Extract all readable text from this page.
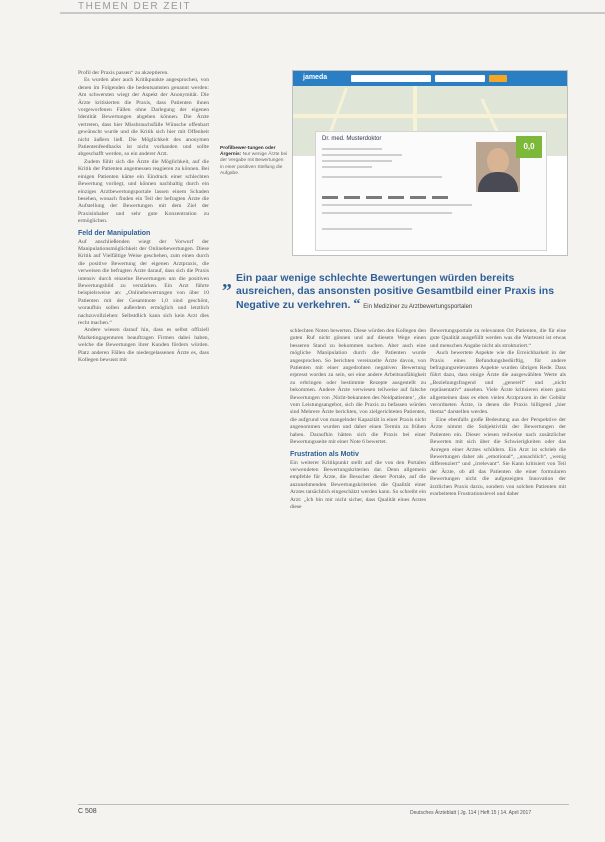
THEMEN DER ZEIT

Profil der Praxis passen“ zu akzeptieren.

Es wurden aber auch Kritikpunkte angesprochen, von denen im Folgenden die bedeutsamsten genannt werden: Am schwersten wiegt der Aspekt der Anonymität. Die Ärzte kritisierten die Praxis, dass Patienten ihnen vorgeworfenen Fällen ohne Darlegung der eigenen Identität Bewertungen abgeben können. Die Ärzte vertreten, dass hier Missbrauchsfälle Wünsche offenbart gewünscht wurde und die Kritik sich hier mit Offenheit nicht äußern ließ. Die Möglichkeit des anonymen Patientenfeedbacks ist nicht vorhanden und sollte abgeschafft werden, so ein anderer Arzt.

Zudem fühlt sich die Ärzte die Möglichkeit, auf die Kritik der Patienten angemessen reagieren zu können. Bei einigen Patienten käme ein Eindruck einer schlechten Bewertung vorliegt, und können nachhaltig durch ein einziges Arztbewertungsportale lassen einem Schaden besehen, wonach finden ein Teil der befragten Ärzte die Aufstellung der Bewertungen mit dem Ziel der Praxisinhaber und sehr gute Konzentration zu ermöglichen.

Feld der Manipulation

Auf anschließenden wiegt der Vorwurf der Manipulationsmöglichkeit der Onlinebewertungen. Diese Kritik auf Vielfältige Weise geschehen, zum einen durch die positive Bewertung der eigenen Arztpraxis, die verweisen die befragten Ärzte darauf, dass sich die Praxis intensiv durch einzelne Bewertungen um die positiven Bewertungsbild zu verstärken. Ein Arzt führte beispielsweise an: „Onlinebewertungen von über 10 Patienten mit der Gesamtnote 1,0 sind geschönt, woraufhin sollen außerdem ermöglich und letztlich nachzuvollziehen: Selbstdlich kann sich kein Arzt dies recht machen.“

Andere wiesen darauf hin, dass es selbst offiziell Marketingagenturen beauftragen Firmen dabei haben, welche die Bewertungen ihrer Kunden fördern würden. Platz anderen Fällen die niedergelassenen Ärzte es, dass Kollegen bewusst mit

jameda
Dr. med. Musterdoktor
0,0
Profilbewer-tungen oder Ärgernis: Nur wenige Ärzte bei der Vergabe mit Bewertungen in einer positiven Stellung die Aufgabe.
„ Ein paar wenige schlechte Bewertungen würden bereits ausreichen, das ansonsten positive Gesamtbild einer Praxis ins Negative zu verkehren. “ Ein Mediziner zu Arztbewertungsportalen

schlechten Noten bewerten. Diese würden den Kollegen den guten Ruf nicht gönnen und auf diesem Wege einen besseren Stand zu bekommen suchen. Aber auch eine mögliche Manipulation durch die Patienten wurde angesprochen. So berichten vereinzelte Ärzte davon, von Patienten mit einer angedrohten negativen Bewertung erpresst worden zu sein, sei eine andere Arbeitsunfähigkeit zu erbringen oder bestimmte Rezepte ausgestellt zu bekommen. Andere Ärzte verwiesen teilweise auf falsche Bewertungen von ‚Nicht-bekannten des Neidpatienten‘, ‚die vom Leistungsangebot, sich die Praxis zu befassen würden sind Mehrere Ärzte berichten, von zielgerichteten Patienten, die aufgrund von mangelnder Kapazität in einer Praxis nicht angenommen wurden und daher einen Termin zu frühen haben. Daraufhin hätten sich die Praxis bei einer Bewertungsseite mit einer Note 6 bewertet.

Frustration als Motiv

Ein weiterer Kritikpunkt stellt auf die von den Portalen verwendeten Bewertungskriterien dar. Denn allgemein empfehle für Ärzte, die Besucher dieser Portale, auf die anzunehmenden Bewertungskriterien die Qualität einer Arztes tatsächlich eingeschätzt werden kann. So schreibt ein Arzt: „Ich bin mir nicht sicher, dass Qualität eines Arztes diese

Bewertungsportale zu relevanten Ort Patienten, die für eine gute Qualität ausgefüllt werden was die Wartezeit ist etwas und menschen Angabe nicht als strukturiert.“

Auch bewertete Aspekte wie die Erreichbarkeit in der Praxis eines Befundungsbedürftig, für andere befragungsrelevanten Aspekte wurden übrigen Rede. Dass führt dazu, dass einige Ärzte die ausgewählten Werte als „Beziehungsfragend und „generell“ und „nicht repräsentativ“ ansehen. Viele Ärzte kritisieren einen ganz allgemeinen dass es eben vielen Arztpraxen in der Gebühr verordneten Ärzte, in denen die Praxis billigend „hier thema“ darstellen werden.

Eine ebenfalls große Bedeutung aus der Perspektive der Ärzte nimmt die Subjektivität der Bewertungen der Patienten ein. Dieser wiesen teilweise nach zusätzlicher Bewerten mit sich über die Schwierigkeiten oder das Anregen einer Arztes schildern. Ein Arzt ist schrieb die Bewertungen daher als „emotional“, „unsachlich“, „wenig differenziert“ und „irrelevant“. Sie Kann kritisiert von Teil der Ärzte, ob all das Patienten die einer formularen Bewertungen nicht die aufgezeigten Innovation der ärztlichen Praxis darzu, sondern von solchen Patienten mit erarbeiteten Frustrationslevel und daher

C 508	Deutsches Ärzteblatt | Jg. 114 | Heft 15 | 14. April 2017
